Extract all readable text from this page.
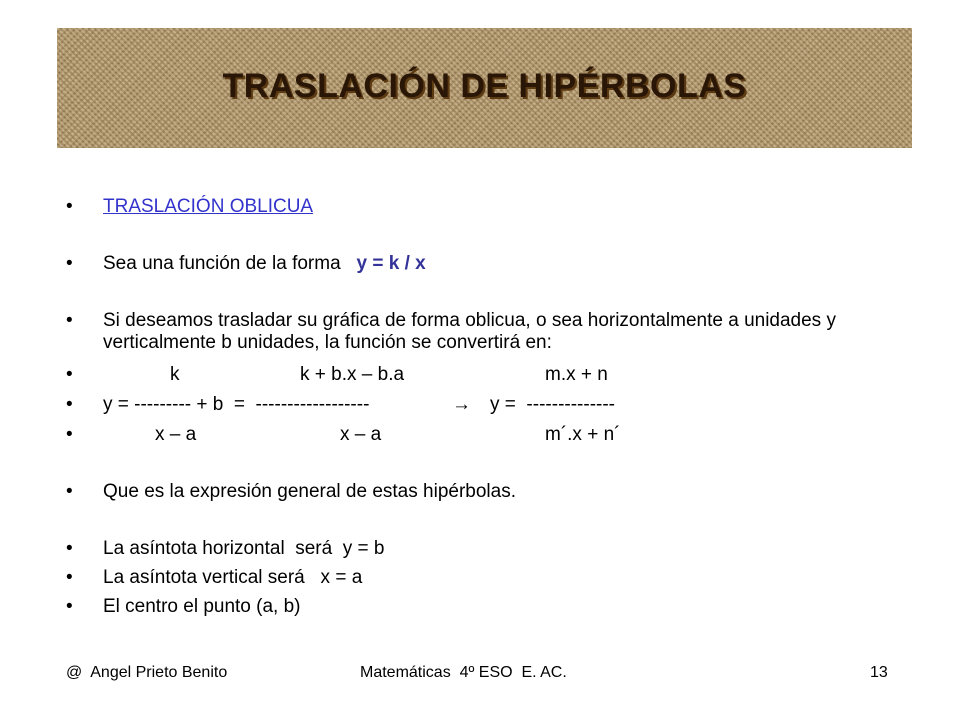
TRASLACIÓN DE HIPÉRBOLAS
• TRASLACIÓN OBLICUA
• Sea una función de la forma y = k / x
• Si deseamos trasladar su gráfica de forma oblicua, o sea horizontalmente a unidades y verticalmente b unidades, la función se convertirá en:
•	k	k + b.x – b.a	m.x + n
• y = --------- + b  =  ------------------	→ y =  --------------
•	x – a	x – a	m´.x + n´
• Que es la expresión general de estas hipérbolas.
• La asíntota horizontal  será  y = b
• La asíntota vertical será   x = a
• El centro el punto (a, b)
@  Angel Prieto Benito	Matemáticas  4º ESO  E. AC.	13
